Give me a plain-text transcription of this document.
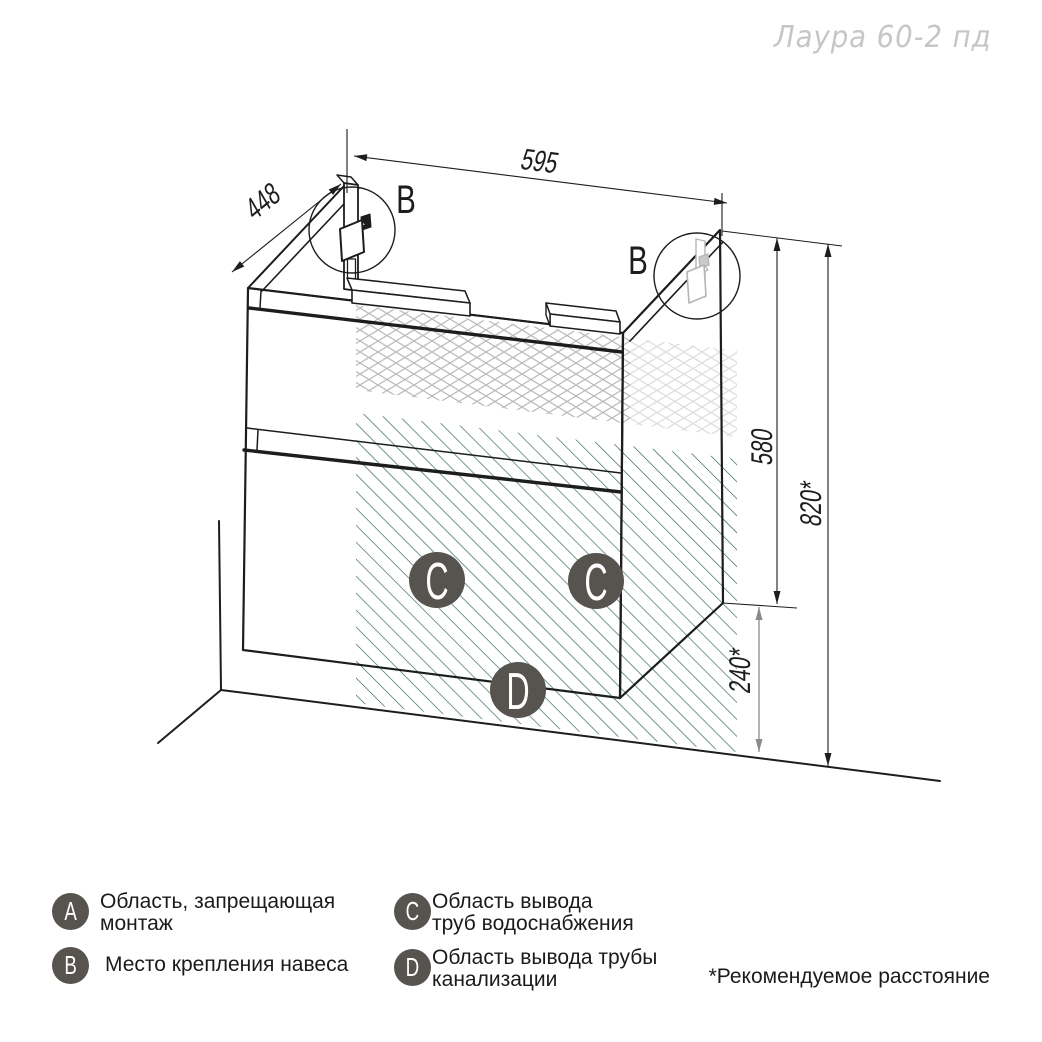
B
B
C	C
D
595
448
580
820*
240*
Лаура 60-2 пд
A Область, запрещающая
монтаж
B Место крепления навеса
C Область вывода
труб водоснабжения
D Область вывода трубы
канализации	*Рекомендуемое расстояние
